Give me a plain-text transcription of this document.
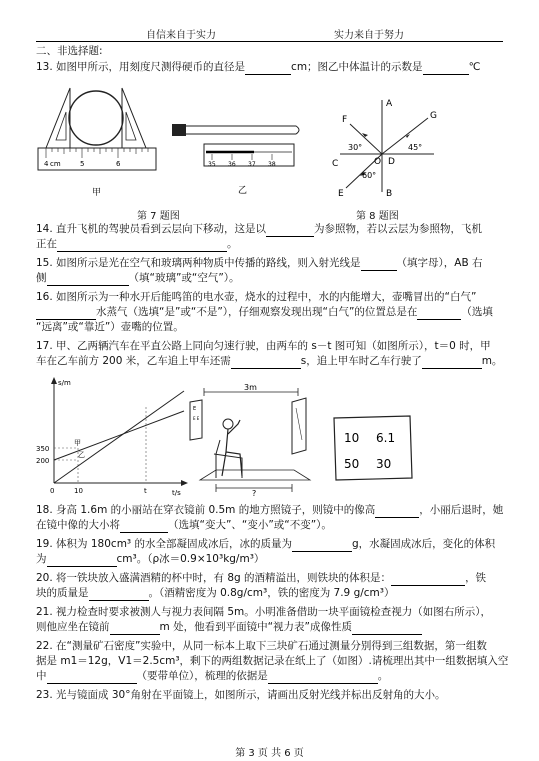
自信来自于实力	实力来自于努力
二、非选择题:
13. 如图甲所示，用刻度尺测得硬币的直径是	cm；图乙中体温计的示数是	℃
cm
4	5	6
甲
35 36 37 38
乙
第 7 题图
A
B
C	D
E
F	G
O
30°	45°
60°
第 8 题图
14. 直升飞机的驾驶员看到云层向下移动，这是以	为参照物，若以云层为参照物，飞机
正在	。
15. 如图所示是光在空气和玻璃两种物质中传播的路线，则入射光线是	（填字母），AB 右
侧	（填“玻璃”或“空气”）。
16. 如图所示为一种水开后能鸣笛的电水壶，烧水的过程中，水的内能增大，壶嘴冒出的“白气”
水蒸气（选填“是”或“不是”），仔细观察发现出现“白气”的位置总是在	（选填
“远离”或“靠近”）壶嘴的位置。
17. 甲、乙两辆汽车在平直公路上同向匀速行驶，由两车的 s－t 图可知（如图所示），t＝0 时，甲
车在乙车前方 200 米，乙车追上甲车还需	s，追上甲车时乙车行驶了	m。
s/m
t/s
350
200
0	10	t
甲
乙
3m
E
E E
?
10 6.1
50 30
18. 身高 1.6m 的小丽站在穿衣镜前 0.5m 的地方照镜子，则镜中的像高	，小丽后退时，她
在镜中像的大小将	（选填“变大”、“变小”或“不变”）。
19. 体积为 180cm³ 的水全部凝固成冰后，冰的质量为	g，水凝固成冰后，变化的体积
为	cm³。（ρ冰＝0.9×10³kg/m³）
20. 将一铁块放入盛满酒精的杯中时，有 8g 的酒精溢出，则铁块的体积是：	，铁
块的质量是	。（酒精密度为 0.8g/cm³，铁的密度为 7.9 g/cm³）
21. 视力检查时要求被测人与视力表间隔 5m。小明准备借助一块平面镜检查视力（如图右所示），
则他应坐在镜前	m 处，他看到平面镜中“视力表”成像性质
22. 在“测量矿石密度”实验中，从同一标本上取下三块矿石通过测量分别得到三组数据，第一组数
据是 m1＝12g，V1＝2.5cm³，剩下的两组数据记录在纸上了（如图）.请梳理出其中一组数据填入空
中	（要带单位），梳理的依据是	。
23. 光与镜面成 30°角射在平面镜上，如图所示，请画出反射光线并标出反射角的大小。
第 3 页 共 6 页
